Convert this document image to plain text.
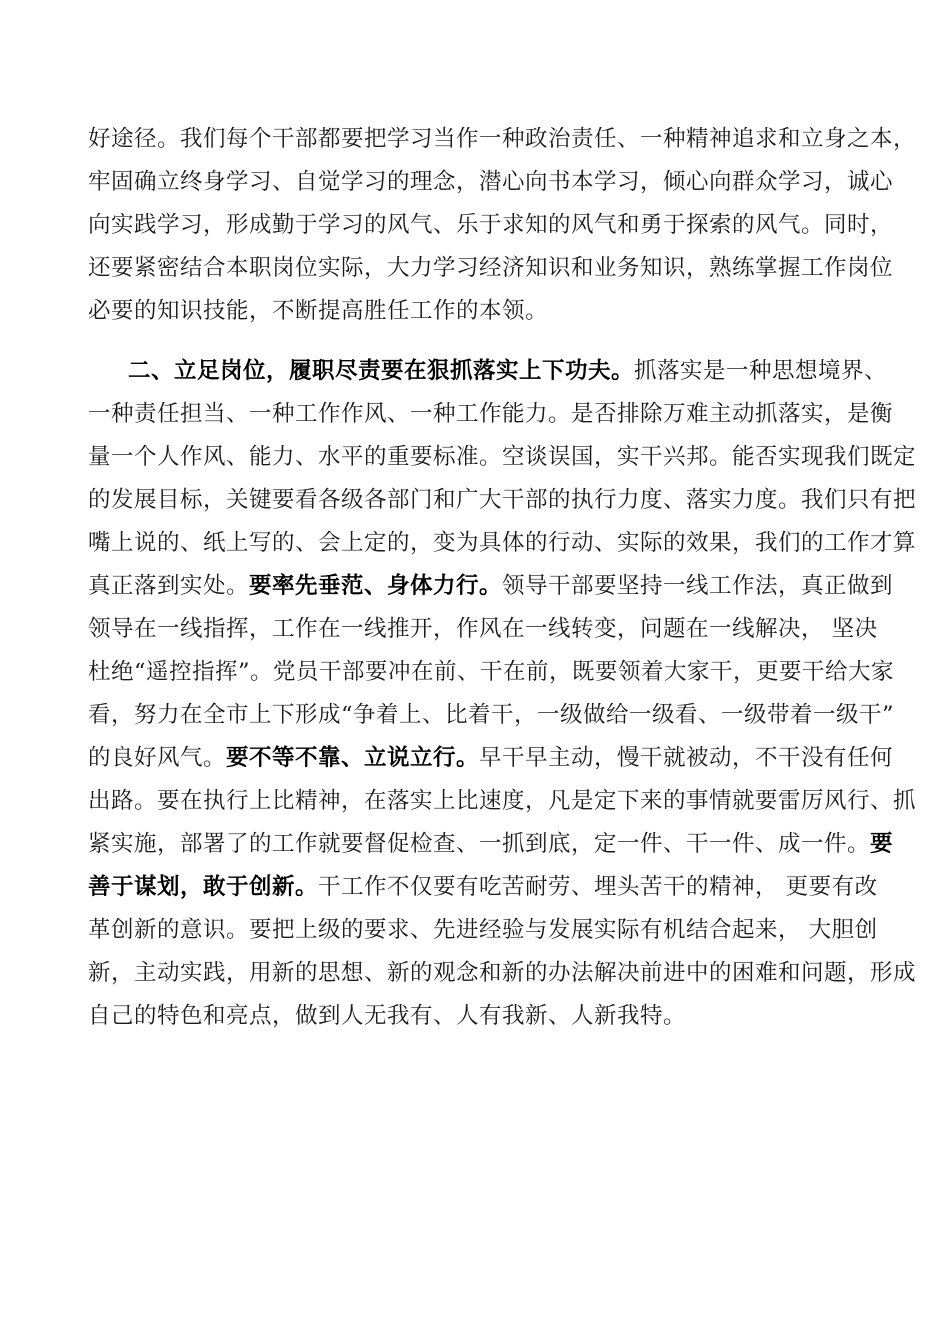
好途径。我们每个干部都要把学习当作一种政治责任、一种精神追求和立身之本，
牢固确立终身学习、自觉学习的理念，潜心向书本学习，倾心向群众学习，诚心
向实践学习，形成勤于学习的风气、乐于求知的风气和勇于探索的风气。同时，
还要紧密结合本职岗位实际，大力学习经济知识和业务知识，熟练掌握工作岗位
必要的知识技能，不断提高胜任工作的本领。
二、立足岗位，履职尽责要在狠抓落实上下功夫。抓落实是一种思想境界、
一种责任担当、一种工作作风、一种工作能力。是否排除万难主动抓落实，是衡
量一个人作风、能力、水平的重要标准。空谈误国，实干兴邦。能否实现我们既定
的发展目标，关键要看各级各部门和广大干部的执行力度、落实力度。我们只有把
嘴上说的、纸上写的、会上定的，变为具体的行动、实际的效果，我们的工作才算
真正落到实处。要率先垂范、身体力行。领导干部要坚持一线工作法，真正做到
领导在一线指挥，工作在一线推开，作风在一线转变，问题在一线解决， 坚决
杜绝“遥控指挥”。党员干部要冲在前、干在前，既要领着大家干，更要干给大家
看，努力在全市上下形成“争着上、比着干，一级做给一级看、一级带着一级干”
的良好风气。要不等不靠、立说立行。早干早主动，慢干就被动，不干没有任何
出路。要在执行上比精神，在落实上比速度，凡是定下来的事情就要雷厉风行、抓
紧实施，部署了的工作就要督促检查、一抓到底，定一件、干一件、成一件。要
善于谋划，敢于创新。干工作不仅要有吃苦耐劳、埋头苦干的精神， 更要有改
革创新的意识。要把上级的要求、先进经验与发展实际有机结合起来， 大胆创
新，主动实践，用新的思想、新的观念和新的办法解决前进中的困难和问题，形成
自己的特色和亮点，做到人无我有、人有我新、人新我特。
